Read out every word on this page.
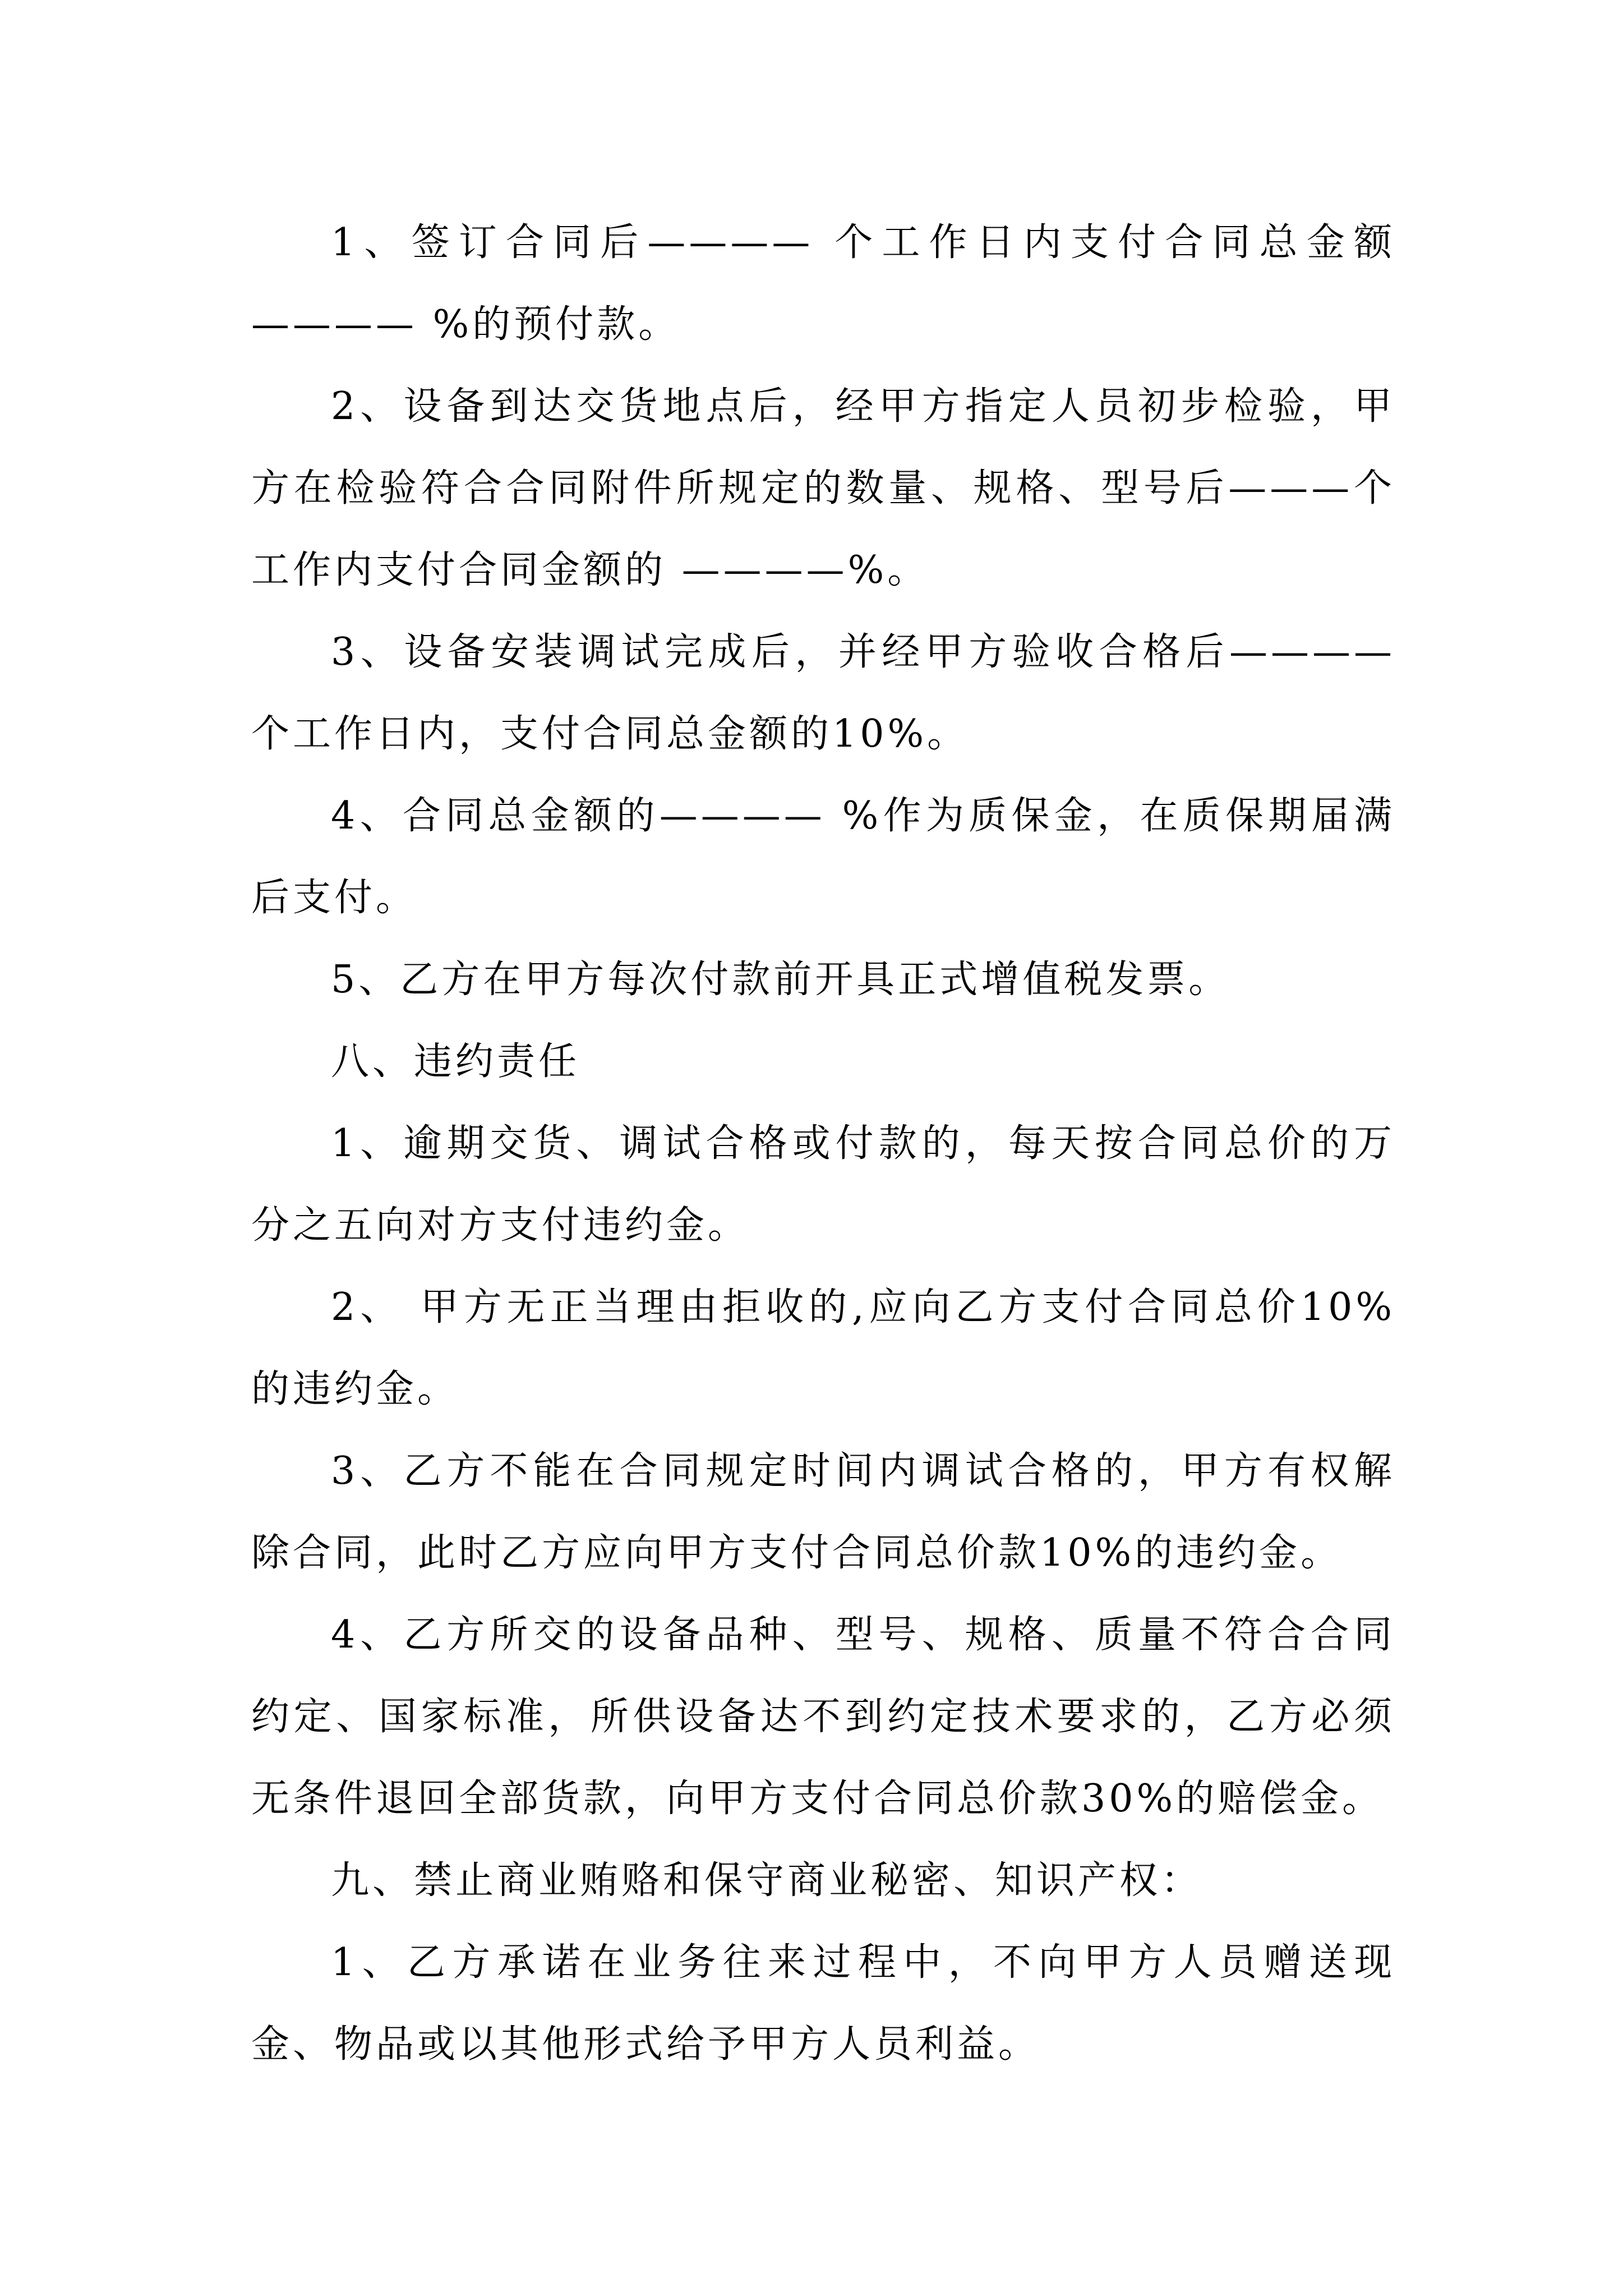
1、签订合同后———— 个工作日内支付合同总金额———— %的预付款。

2、设备到达交货地点后，经甲方指定人员初步检验，甲方在检验符合合同附件所规定的数量、规格、型号后———个工作内支付合同金额的 ————%。

3、设备安装调试完成后，并经甲方验收合格后———— 个工作日内，支付合同总金额的10%。

4、合同总金额的———— %作为质保金，在质保期届满后支付。

5、乙方在甲方每次付款前开具正式增值税发票。

八、违约责任

1、逾期交货、调试合格或付款的，每天按合同总价的万分之五向对方支付违约金。

2、 甲方无正当理由拒收的,应向乙方支付合同总价10%的违约金。

3、乙方不能在合同规定时间内调试合格的，甲方有权解除合同，此时乙方应向甲方支付合同总价款10%的违约金。

4、乙方所交的设备品种、型号、规格、质量不符合合同约定、国家标准，所供设备达不到约定技术要求的，乙方必须无条件退回全部货款，向甲方支付合同总价款30%的赔偿金。

九、禁止商业贿赂和保守商业秘密、知识产权：

1、乙方承诺在业务往来过程中，不向甲方人员赠送现金、物品或以其他形式给予甲方人员利益。
